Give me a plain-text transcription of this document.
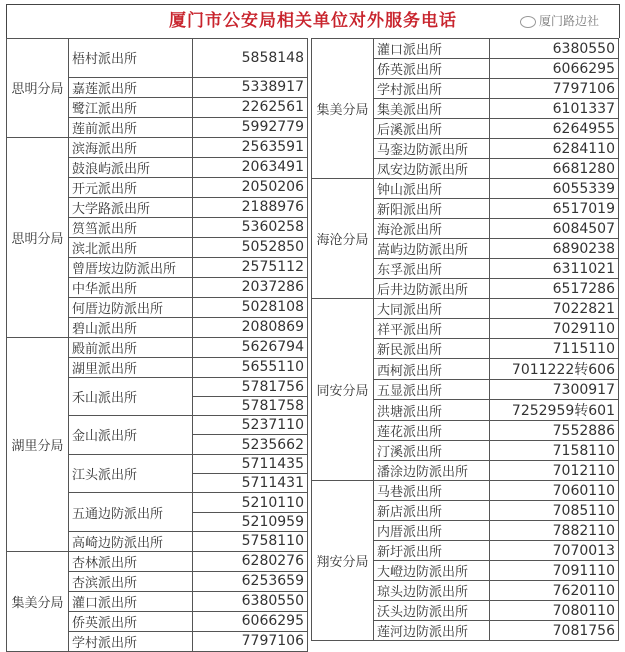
厦门市公安局相关单位对外服务电话
思明分局	梧村派出所	5858148
	嘉莲派出所	5338917
	鹭江派出所	2262561
	莲前派出所	5992779
思明分局	滨海派出所	2563591
	鼓浪屿派出所	2063491
	开元派出所	2050206
	大学路派出所	2188976
	筼筜派出所	5360258
	滨北派出所	5052850
	曾厝垵边防派出所	2575112
	中华派出所	2037286
	何厝边防派出所	5028108
	碧山派出所	2080869
湖里分局	殿前派出所	5626794
	湖里派出所	5655110
	禾山派出所	5781756
		5781758
	金山派出所	5237110
		5235662
	江头派出所	5711435
		5711431
	五通边防派出所	5210110
		5210959
	高崎边防派出所	5758110
集美分局	杏林派出所	6280276
	杏滨派出所	6253659
	灌口派出所	6380550
	侨英派出所	6066295
	学村派出所	7797106
集美分局	灌口派出所	6380550
	侨英派出所	6066295
	学村派出所	7797106
	集美派出所	6101337
	后溪派出所	6264955
	马銮边防派出所	6284110
	凤安边防派出所	6681280
海沧分局	钟山派出所	6055339
	新阳派出所	6517019
	海沧派出所	6084507
	嵩屿边防派出所	6890238
	东孚派出所	6311021
	后井边防派出所	6517286
同安分局	大同派出所	7022821
	祥平派出所	7029110
	新民派出所	7115110
	西柯派出所	7011222转606
	五显派出所	7300917
	洪塘派出所	7252959转601
	莲花派出所	7552886
	汀溪派出所	7158110
	潘涂边防派出所	7012110
翔安分局	马巷派出所	7060110
	新店派出所	7085110
	内厝派出所	7882110
	新圩派出所	7070013
	大嶝边防派出所	7091110
	琼头边防派出所	7620110
	沃头边防派出所	7080110
	莲河边防派出所	7081756
厦门路边社
